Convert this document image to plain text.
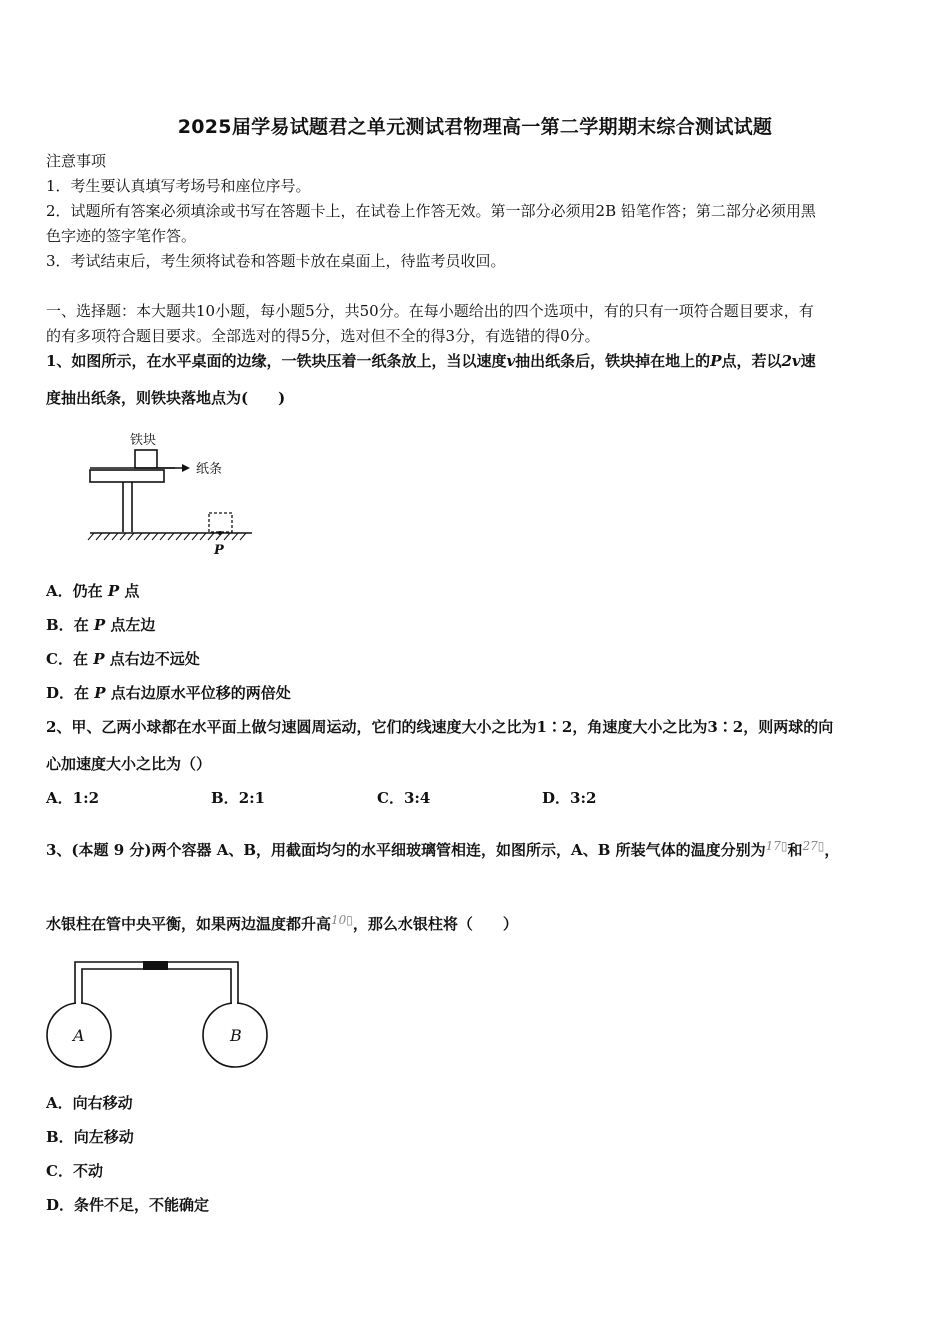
2025届学易试题君之单元测试君物理高一第二学期期末综合测试试题
注意事项
1．考生要认真填写考场号和座位序号。
2．试题所有答案必须填涂或书写在答题卡上，在试卷上作答无效。第一部分必须用2B 铅笔作答；第二部分必须用黑
色字迹的签字笔作答。
3．考试结束后，考生须将试卷和答题卡放在桌面上，待监考员收回。
一、选择题：本大题共10小题，每小题5分，共50分。在每小题给出的四个选项中，有的只有一项符合题目要求，有
的有多项符合题目要求。全部选对的得5分，选对但不全的得3分，有选错的得0分。
1、如图所示，在水平桌面的边缘，一铁块压着一纸条放上，当以速度v抽出纸条后，铁块掉在地上的P点，若以2v速
度抽出纸条，则铁块落地点为(　　)
铁块
纸条
P
A．仍在 P 点
B．在 P 点左边
C．在 P 点右边不远处
D．在 P 点右边原水平位移的两倍处
2、甲、乙两小球都在水平面上做匀速圆周运动，它们的线速度大小之比为1∶2，角速度大小之比为3∶2，则两球的向
心加速度大小之比为（）
A．1:2	B．2:1	C．3:4	D．3:2
3、(本题 9 分)两个容器 A、B，用截面均匀的水平细玻璃管相连，如图所示，A、B 所装气体的温度分别为$^{17▯}$和$^{27▯}$，
水银柱在管中央平衡，如果两边温度都升高$^{10▯}$，那么水银柱将（　　）
A	B
A．向右移动
B．向左移动
C．不动
D．条件不足，不能确定
